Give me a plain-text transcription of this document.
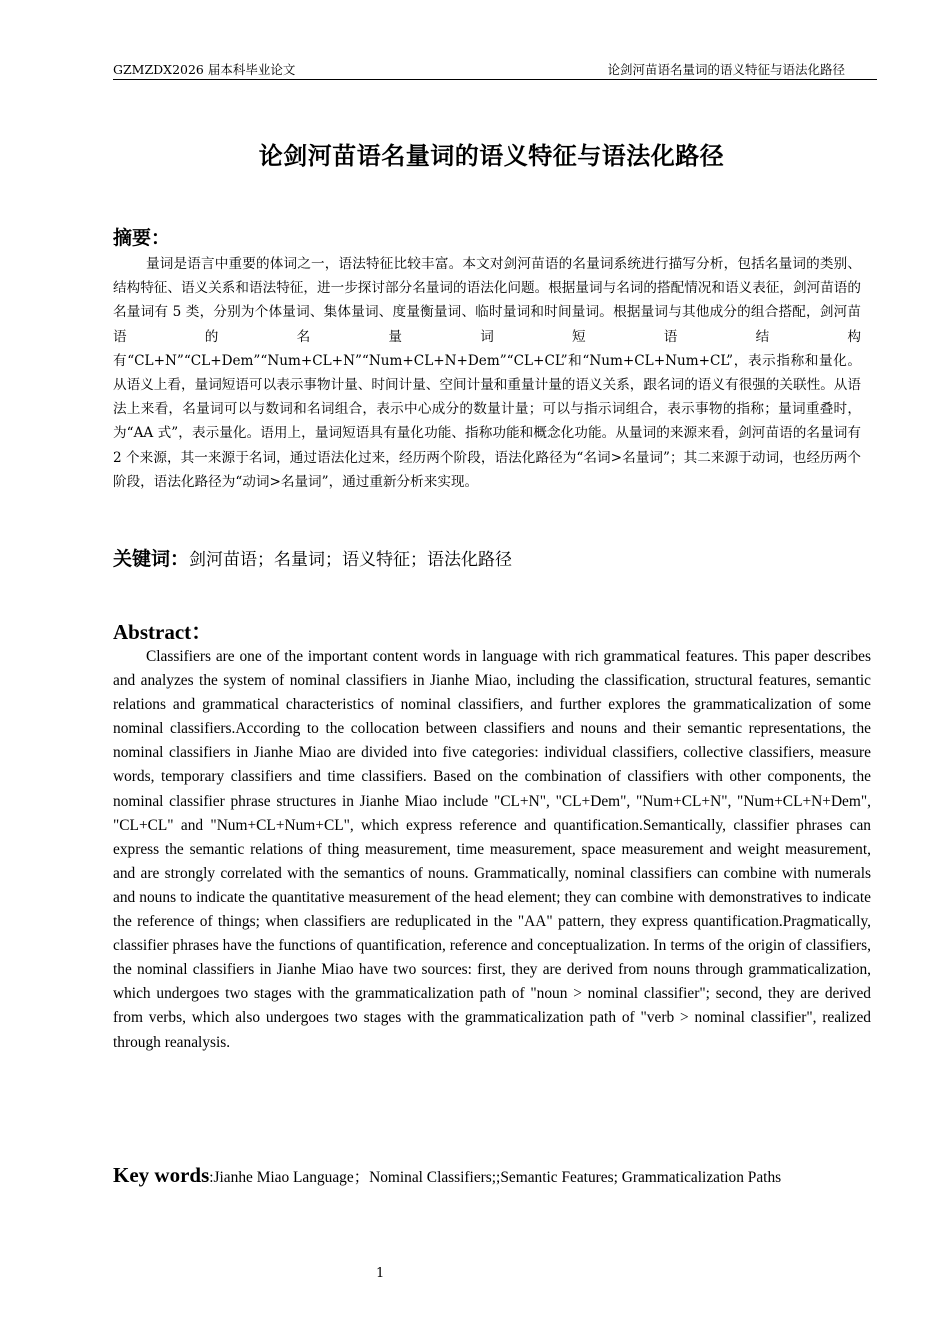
GZMZDX2026 届本科毕业论文	论剑河苗语名量词的语义特征与语法化路径
论剑河苗语名量词的语义特征与语法化路径
摘要：
量词是语言中重要的体词之一，语法特征比较丰富。本文对剑河苗语的名量词系统进行描写分析，包括名量词的类别、结构特征、语义关系和语法特征，进一步探讨部分名量词的语法化问题。根据量词与名词的搭配情况和语义表征，剑河苗语的名量词有 5 类，分别为个体量词、集体量词、度量衡量词、临时量词和时间量词。根据量词与其他成分的组合搭配，剑河苗语的名量词短语结构有“CL+N”“CL+Dem”“Num+CL+N”“Num+CL+N+Dem”“CL+CL”和“Num+CL+Num+CL”，表示指称和量化。从语义上看，量词短语可以表示事物计量、时间计量、空间计量和重量计量的语义关系，跟名词的语义有很强的关联性。从语法上来看，名量词可以与数词和名词组合，表示中心成分的数量计量；可以与指示词组合，表示事物的指称；量词重叠时，为“AA 式”，表示量化。语用上，量词短语具有量化功能、指称功能和概念化功能。从量词的来源来看，剑河苗语的名量词有 2 个来源，其一来源于名词，通过语法化过来，经历两个阶段，语法化路径为“名词>名量词”；其二来源于动词，也经历两个阶段，语法化路径为“动词>名量词”，通过重新分析来实现。
关键词：剑河苗语；名量词；语义特征；语法化路径
Abstract：
Classifiers are one of the important content words in language with rich grammatical features. This paper describes and analyzes the system of nominal classifiers in Jianhe Miao, including the classification, structural features, semantic relations and grammatical characteristics of nominal classifiers, and further explores the grammaticalization of some nominal classifiers.According to the collocation between classifiers and nouns and their semantic representations, the nominal classifiers in Jianhe Miao are divided into five categories: individual classifiers, collective classifiers, measure words, temporary classifiers and time classifiers. Based on the combination of classifiers with other components, the nominal classifier phrase structures in Jianhe Miao include "CL+N", "CL+Dem", "Num+CL+N", "Num+CL+N+Dem", "CL+CL" and "Num+CL+Num+CL", which express reference and quantification.Semantically, classifier phrases can express the semantic relations of thing measurement, time measurement, space measurement and weight measurement, and are strongly correlated with the semantics of nouns. Grammatically, nominal classifiers can combine with numerals and nouns to indicate the quantitative measurement of the head element; they can combine with demonstratives to indicate the reference of things; when classifiers are reduplicated in the "AA" pattern, they express quantification.Pragmatically, classifier phrases have the functions of quantification, reference and conceptualization. In terms of the origin of classifiers, the nominal classifiers in Jianhe Miao have two sources: first, they are derived from nouns through grammaticalization, which undergoes two stages with the grammaticalization path of "noun > nominal classifier"; second, they are derived from verbs, which also undergoes two stages with the grammaticalization path of "verb > nominal classifier", realized through reanalysis.
Key words:Jianhe Miao Language；Nominal Classifiers;;Semantic Features; Grammaticalization Paths
1
